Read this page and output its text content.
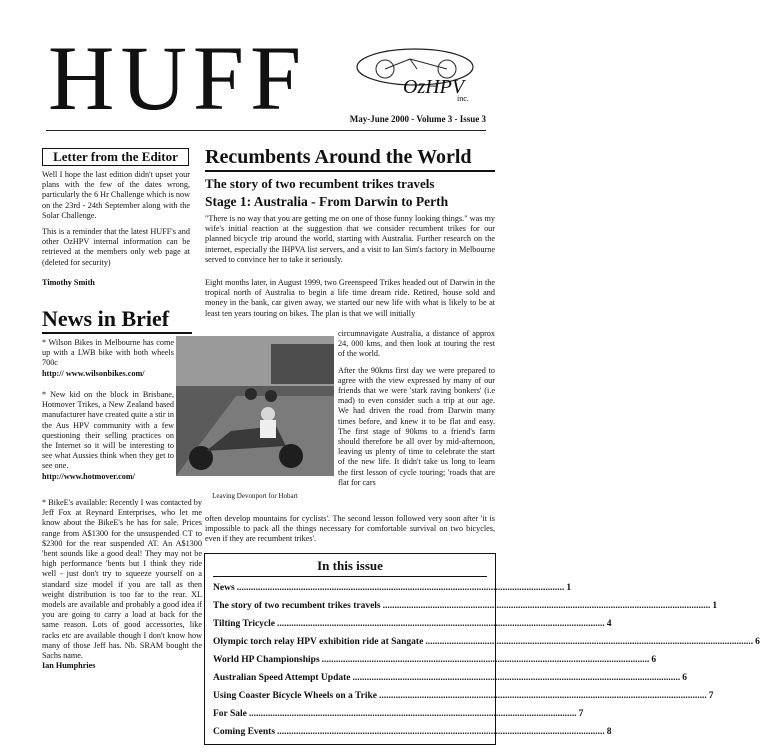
HUFF	OzHPV
inc.
May-June 2000 - Volume 3 - Issue 3
Letter from the Editor

Well I hope the last edition didn't upset your plans with the few of the dates wrong, particularly the 6 Hr Challenge which is now on the 23rd - 24th September along with the Solar Challenge.

This is a reminder that the latest HUFF's and other OzHPV internal information can be retrieved at the members only web page at (deleted for security)

Timothy Smith

News in Brief

* Wilson Bikes in Melbourne has come up with a LWB bike with both wheels 700c

http:// www.wilsonbikes.com/

* New kid on the block in Brisbane, Hotmover Trikes, a New Zealand based manufacturer have created quite a stir in the Aus HPV community with a few questioning their selling practices on the Internet so it will be interesting to see what Aussies think when they get to see one.

http://www.hotmover.com/

* BikeE's available: Recently I was contacted by Jeff Fox at Reynard Enterprises, who let me know about the BikeE's he has for sale. Prices range from A$1300 for the unsuspended CT to $2300 for the rear suspended AT. An A$1300 'bent sounds like a good deal! They may not be high performance 'bents but I think they ride well - just don't try to squeeze yourself on a standard size model if you are tall as then weight distribution is too far to the rear. XL models are available and probably a good idea if you are going to carry a load at back for the same reason. Lots of good accessories, like racks etc are available though I don't know how many of those Jeff has. Nb. SRAM bought the Sachs name.

Ian Humphries

Recumbents Around the World
The story of two recumbent trikes travels
Stage 1: Australia - From Darwin to Perth

"There is no way that you are getting me on one of those funny looking things." was my wife's initial reaction at the suggestion that we consider recumbent trikes for our planned bicycle trip around the world, starting with Australia. Further research on the internet, especially the IHPVA list servers, and a visit to Ian Sim's factory in Melbourne served to convince her to take it seriously.

Eight months later, in August 1999, two Greenspeed Trikes headed out of Darwin in the tropical north of Australia to begin a life time dream ride. Retired, house sold and money in the bank, car given away, we started our new life with what is likely to be at least ten years touring on bikes. The plan is that we will initially

circumnavigate Australia, a distance of approx 24, 000 kms, and then look at touring the rest of the world.

After the 90kms first day we were prepared to agree with the view expressed by many of our friends that we were 'stark raving bonkers' (i.e mad) to even consider such a trip at our age. We had driven the road from Darwin many times before, and knew it to be flat and easy. The first stage of 90kms to a friend's farm should therefore be all over by mid-afternoon, leaving us plenty of time to celebrate the start of the new life. It didn't take us long to learn the first lesson of cycle touring; 'roads that are flat for cars

often develop mountains for cyclists'. The second lesson followed very soon after 'it is impossible to pack all the things necessary for comfortable survival on two bicycles, even if they are recumbent trikes'.

Leaving Devonport for Hobart
In this issue
News .......................................................................................................................................... 1
The story of two recumbent trikes travels .......................................................................................................................................... 1
Tilting Tricycle .......................................................................................................................................... 4
Olympic torch relay HPV exhibition ride at Sangate .......................................................................................................................................... 6
World HP Championships .......................................................................................................................................... 6
Australian Speed Attempt Update .......................................................................................................................................... 6
Using Coaster Bicycle Wheels on a Trike .......................................................................................................................................... 7
For Sale .......................................................................................................................................... 7
Coming Events .......................................................................................................................................... 8
